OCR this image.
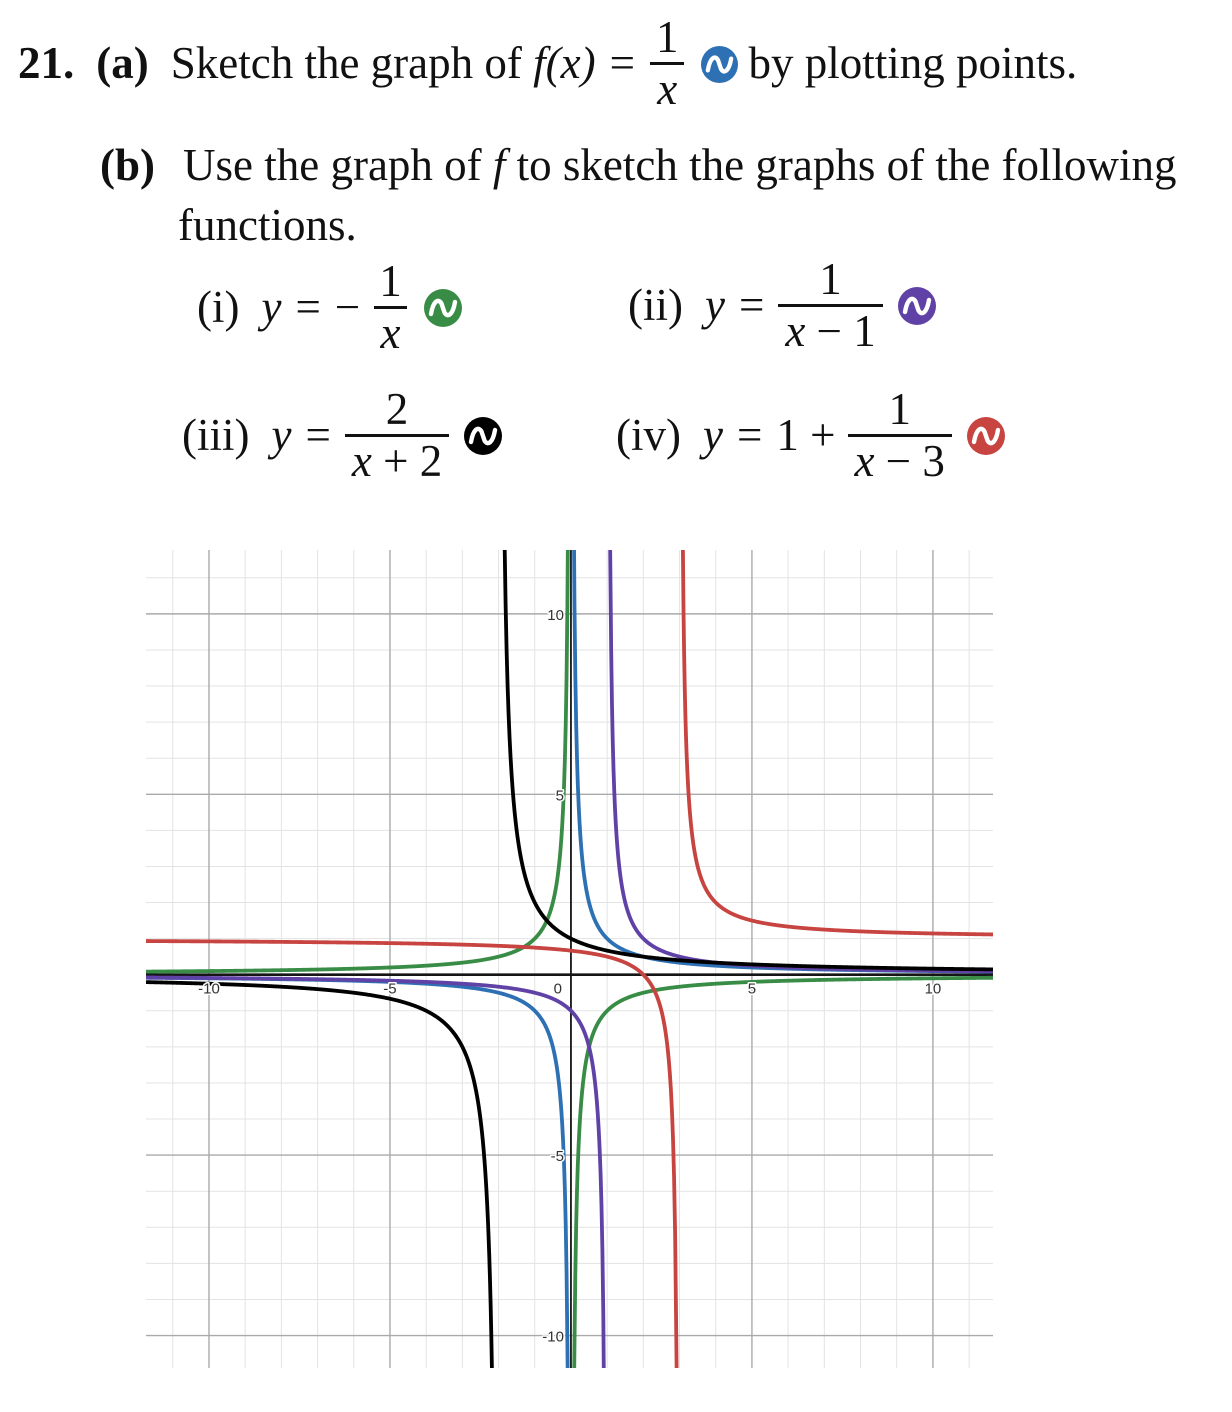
21. (a) Sketch the graph of $f(x) = \frac{1}{x}$ by plotting points.
(b) Use the graph of f to sketch the graphs of the following
functions.
(i) y = − $\frac{1}{x}$	(ii) $y = \frac{1}{x - 1}$
(iii) $y = \frac{2}{x + 2}$	(iv) $y = 1 + \frac{1}{x - 3}$
-10	-5	0	5	10
10
5
-5
-10
